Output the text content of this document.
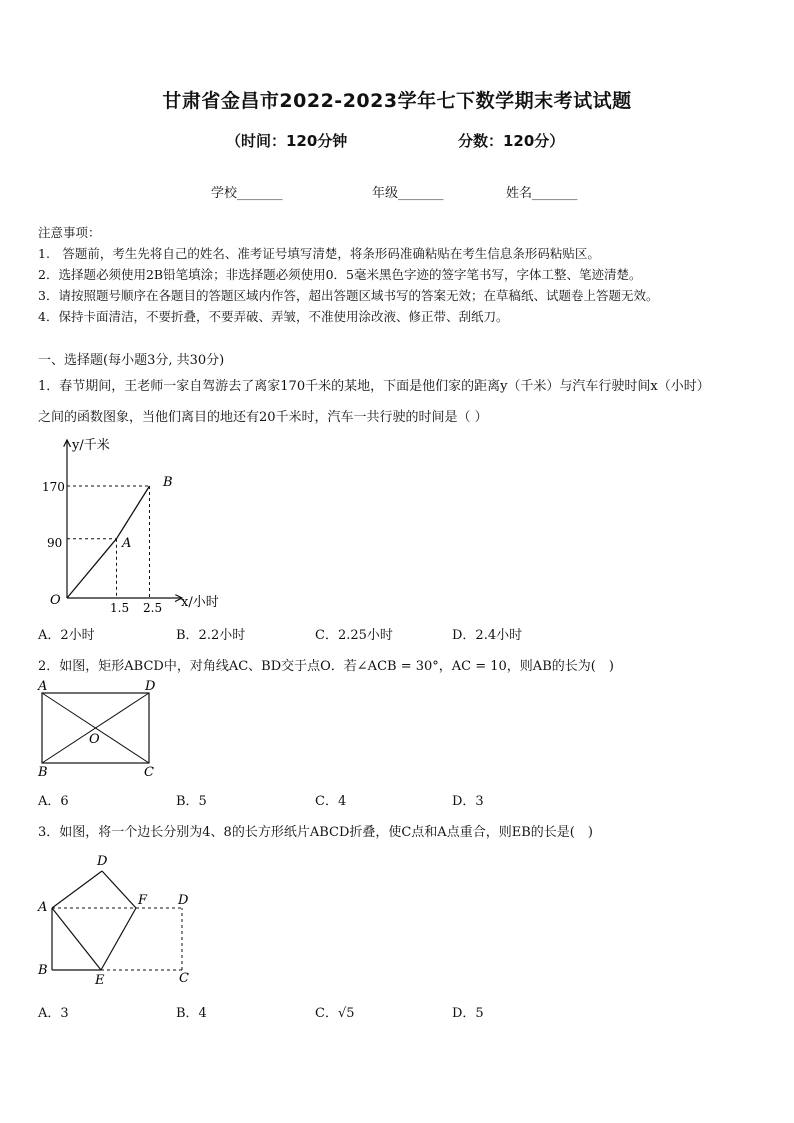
甘肃省金昌市2022-2023学年七下数学期末考试试题
（时间：120分钟	分数：120分）
学校_______	年级_______	姓名_______
注意事项：
1.　答题前，考生先将自己的姓名、准考证号填写清楚，将条形码准确粘贴在考生信息条形码粘贴区。
2．选择题必须使用2B铅笔填涂；非选择题必须使用0．5毫米黑色字迹的签字笔书写，字体工整、笔迹清楚。
3．请按照题号顺序在各题目的答题区域内作答，超出答题区域书写的答案无效；在草稿纸、试题卷上答题无效。
4．保持卡面清洁，不要折叠，不要弄破、弄皱，不准使用涂改液、修正带、刮纸刀。
一、选择题(每小题3分, 共30分)
1．春节期间，王老师一家自驾游去了离家170千米的某地，下面是他们家的距离y（千米）与汽车行驶时间x（小时）
之间的函数图象，当他们离目的地还有20千米时，汽车一共行驶的时间是（ ）
y/千米
x/小时
O
170
90
1.5 2.5
A
B
A．2小时	B．2.2小时	C．2.25小时	D．2.4小时
2．如图，矩形ABCD中，对角线AC、BD交于点O．若∠ACB = 30°，AC = 10，则AB的长为(　)
A	D
B	C
O
A．6	B．5	C．4	D．3
3．如图，将一个边长分别为4、8的长方形纸片ABCD折叠，使C点和A点重合，则EB的长是(　)
D
A	F D
B
E	C
A．3	B．4	C．√5	D．5
